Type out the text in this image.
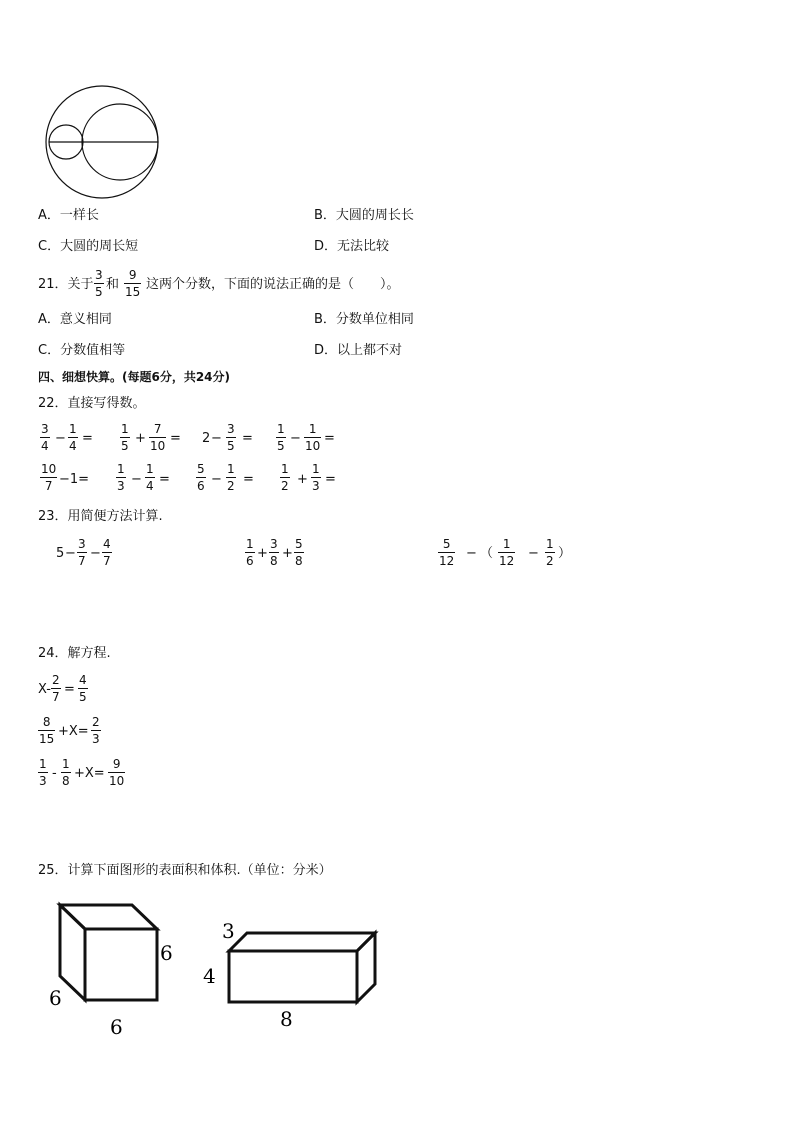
A．一样长	B．大圆的周长长
C．大圆的周长短	D．无法比较
21．关于
3
5 和
9
15 这两个分数，下面的说法正确的是（　　）。
A．意义相同	B．分数单位相同
C．分数值相等	D．以上都不对
四、细想快算。(每题6分，共24分)
22．直接写得数。
3
4 −
1
4 =
1
5 +
7
10 = 2 −
3
5 =
1
5 −
1
10 =
10
7 −1=
1
3 −
1
4 =
5
6 −
1
2 =
1
2 +
1
3 =
23．用简便方法计算.
5 −
3
7 −
4
7
1
6 +
3
8 +
5
8
5
12 − （
1
12 −
1
2 ）
24．解方程.
X-
2
7 =
4
5
8
15 +X=
2
3
1
3 -
1
8 +X=
9
10
25．计算下面图形的表面积和体积.（单位：分米）
6
6
6
3
4
8
